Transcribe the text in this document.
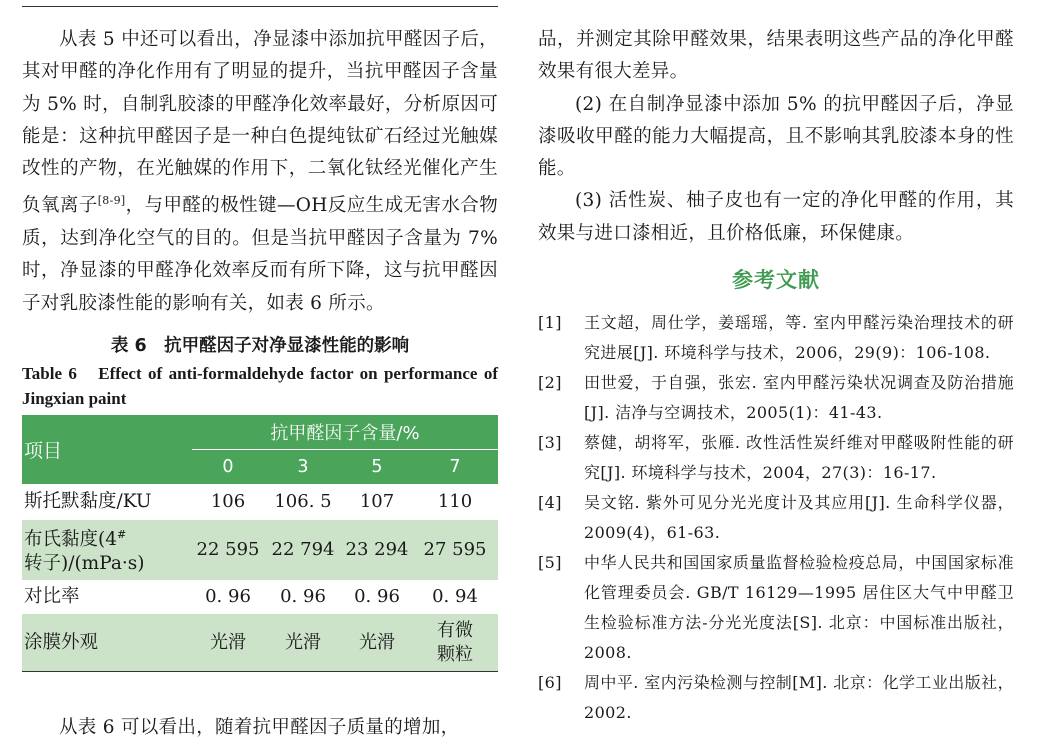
从表 5 中还可以看出，净显漆中添加抗甲醛因子后，其对甲醛的净化作用有了明显的提升，当抗甲醛因子含量为 5% 时，自制乳胶漆的甲醛净化效率最好，分析原因可能是：这种抗甲醛因子是一种白色提纯钛矿石经过光触媒改性的产物，在光触媒的作用下，二氧化钛经光催化产生负氧离子[8-9]，与甲醛的极性键—OH反应生成无害水合物质，达到净化空气的目的。但是当抗甲醛因子含量为 7% 时，净显漆的甲醛净化效率反而有所下降，这与抗甲醛因子对乳胶漆性能的影响有关，如表 6 所示。

表 6　抗甲醛因子对净显漆性能的影响
Table 6　Effect of anti-formaldehyde factor on performance of Jingxian paint
项目	抗甲醛因子含量/%			
	0	3	5	7
斯托默黏度/KU	106	106. 5	107	110
布氏黏度(4#
转子)/(mPa·s)	22 595	22 794	23 294	27 595
对比率	0. 96	0. 96	0. 96	0. 94
涂膜外观	光滑	光滑	光滑	有微
颗粒

从表 6 可以看出，随着抗甲醛因子质量的增加，

品，并测定其除甲醛效果，结果表明这些产品的净化甲醛效果有很大差异。

(2) 在自制净显漆中添加 5% 的抗甲醛因子后，净显漆吸收甲醛的能力大幅提高，且不影响其乳胶漆本身的性能。

(3) 活性炭、柚子皮也有一定的净化甲醛的作用，其效果与进口漆相近，且价格低廉，环保健康。

参考文献
[1]	王文超，周仕学，姜瑶瑶，等. 室内甲醛污染治理技术的研究进展[J]. 环境科学与技术，2006，29(9)：106-108.
[2]	田世爱，于自强，张宏. 室内甲醛污染状况调查及防治措施[J]. 洁净与空调技术，2005(1)：41-43.
[3]	蔡健，胡将军，张雁. 改性活性炭纤维对甲醛吸附性能的研究[J]. 环境科学与技术，2004，27(3)：16-17.
[4]	吴文铭. 紫外可见分光光度计及其应用[J]. 生命科学仪器，2009(4)，61-63.
[5]	中华人民共和国国家质量监督检验检疫总局，中国国家标准化管理委员会. GB/T 16129—1995 居住区大气中甲醛卫生检验标准方法-分光光度法[S]. 北京：中国标准出版社，2008.
[6]	周中平. 室内污染检测与控制[M]. 北京：化学工业出版社，2002.
